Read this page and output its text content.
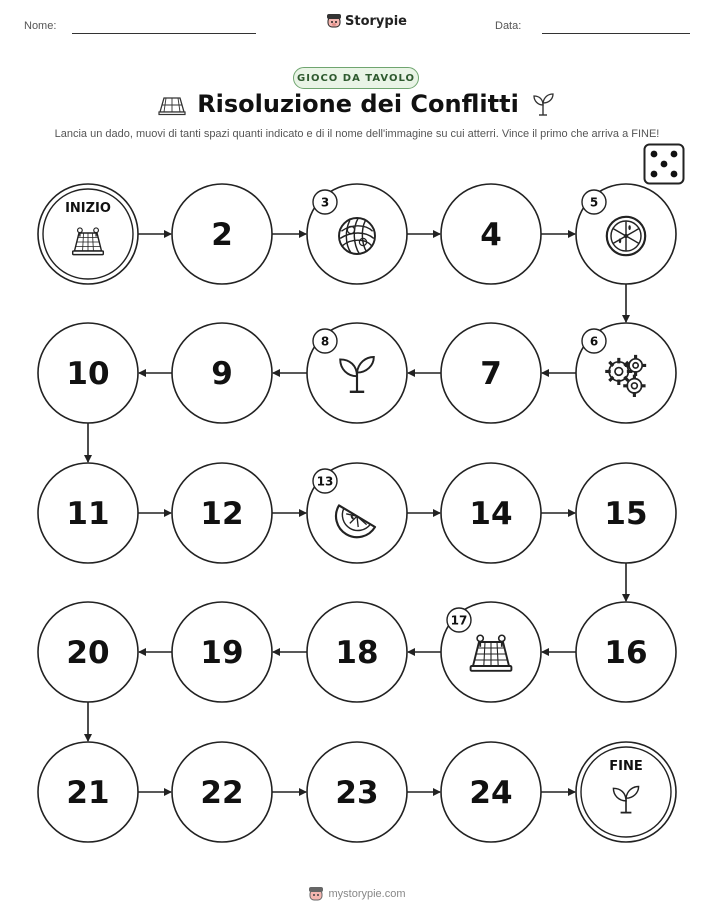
Nome:	Storypie	Data:
GIOCO DA TAVOLO
Risoluzione dei Conflitti
Lancia un dado, muovi di tanti spazi quanti indicato e di il nome dell'immagine su cui atterri. Vince il primo che arriva a FINE!
INIZIO
2
3
4
5
6
7
8
9
10
11	12
13
14	15
16
17
18
19
20
21	22	23	24
FINE
mystorypie.com
